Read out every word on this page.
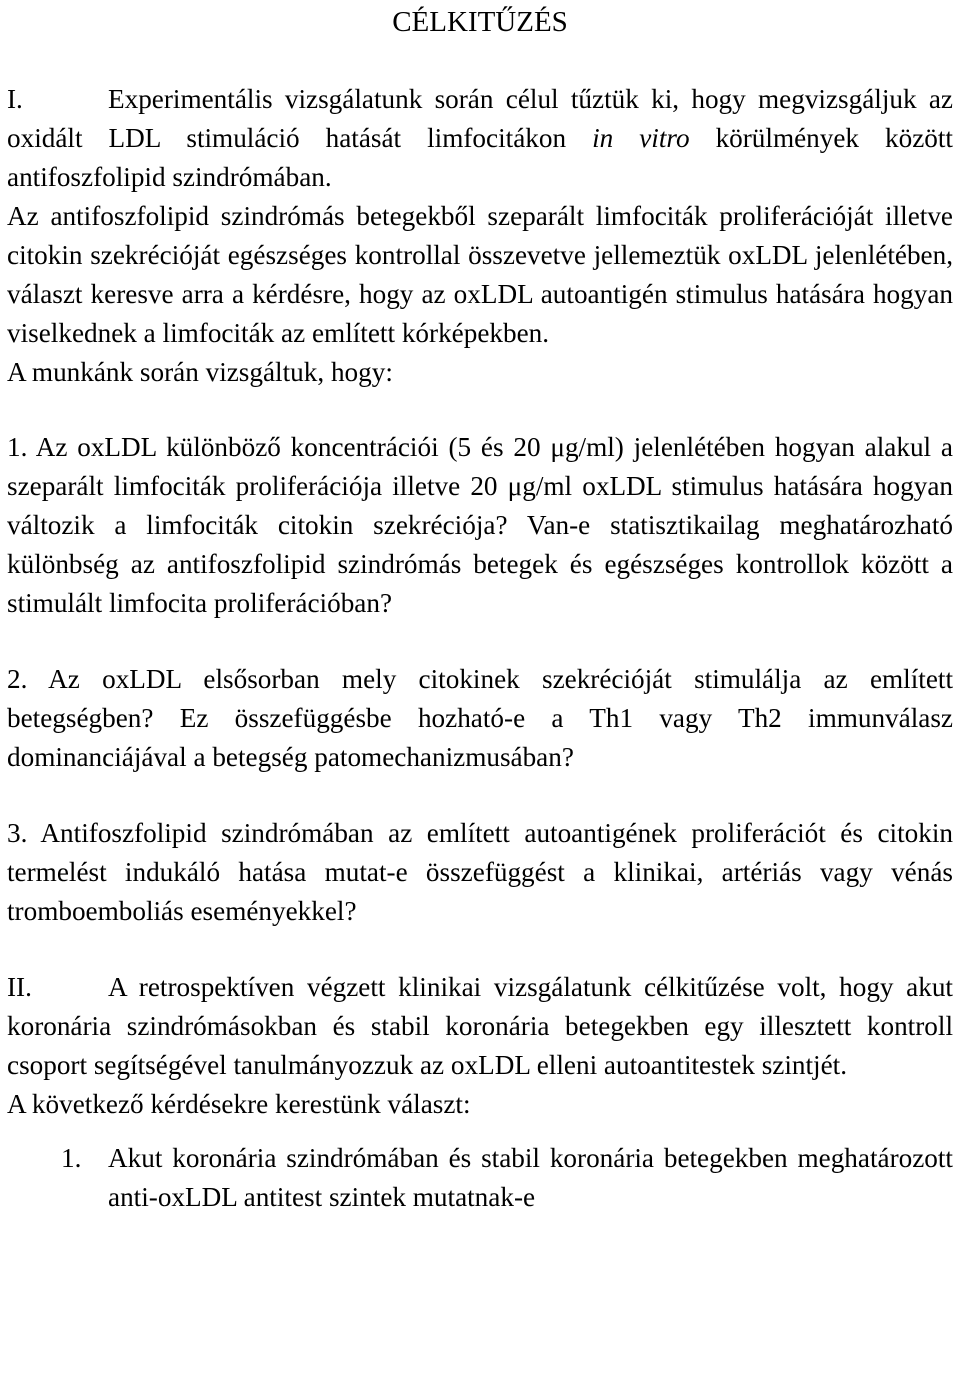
CÉLKITŰZÉS

I.	Experimentális vizsgálatunk során célul tűztük ki, hogy megvizsgáljuk az oxidált LDL stimuláció hatását limfocitákon in vitro körülmények között antifoszfolipid szindrómában.

Az antifoszfolipid szindrómás betegekből szeparált limfociták proliferációját illetve citokin szekrécióját egészséges kontrollal összevetve jellemeztük oxLDL jelenlétében, választ keresve arra a kérdésre, hogy az oxLDL autoantigén stimulus hatására hogyan viselkednek a limfociták az említett kórképekben.

A munkánk során vizsgáltuk, hogy:

1. Az oxLDL különböző koncentrációi (5 és 20 μg/ml) jelenlétében hogyan alakul a szeparált limfociták proliferációja illetve 20 μg/ml oxLDL stimulus hatására hogyan változik a limfociták citokin szekréciója? Van-e statisztikailag meghatározható különbség az antifoszfolipid szindrómás betegek és egészséges kontrollok között a stimulált limfocita proliferációban?

2. Az oxLDL elsősorban mely citokinek szekrécióját stimulálja az említett betegségben? Ez összefüggésbe hozható-e a Th1 vagy Th2 immunválasz dominanciájával a betegség patomechanizmusában?

3. Antifoszfolipid szindrómában az említett autoantigének proliferációt és citokin termelést indukáló hatása mutat-e összefüggést a klinikai, artériás vagy vénás tromboemboliás eseményekkel?

II.	A retrospektíven végzett klinikai vizsgálatunk célkitűzése volt, hogy akut koronária szindrómásokban és stabil koronária betegekben egy illesztett kontroll csoport segítségével tanulmányozzuk az oxLDL elleni autoantitestek szintjét.

A következő kérdésekre kerestünk választ:

1. Akut koronária szindrómában és stabil koronária betegekben meghatározott anti-oxLDL antitest szintek mutatnak-e
